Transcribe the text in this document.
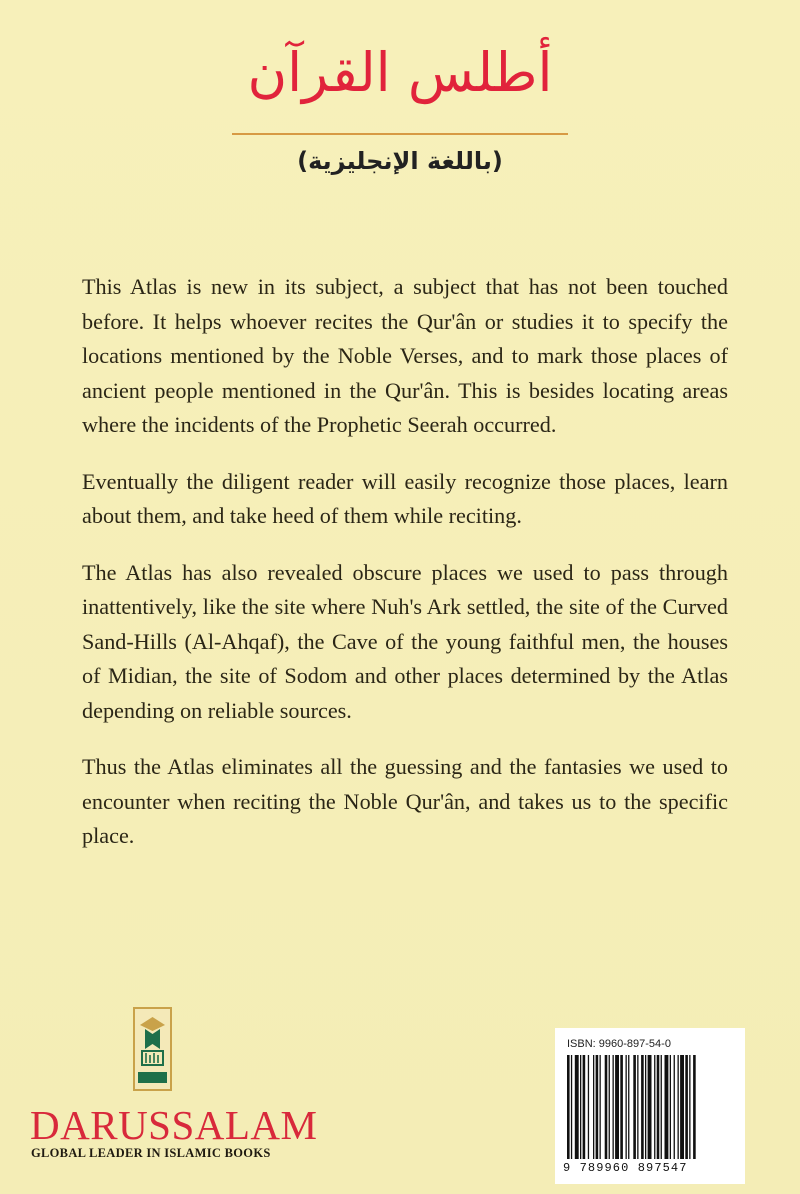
أطلس القرآن
(باللغة الإنجليزية)

This Atlas is new in its subject, a subject that has not been touched before. It helps whoever recites the Qur'ân or studies it to specify the locations mentioned by the Noble Verses, and to mark those places of ancient people mentioned in the Qur'ân. This is besides locating areas where the incidents of the Prophetic Seerah occurred.

Eventually the diligent reader will easily recognize those places, learn about them, and take heed of them while reciting.

The Atlas has also revealed obscure places we used to pass through inattentively, like the site where Nuh's Ark settled, the site of the Curved Sand-Hills (Al-Ahqaf), the Cave of the young faithful men, the houses of Midian, the site of Sodom and other places determined by the Atlas depending on reliable sources.

Thus the Atlas eliminates all the guessing and the fantasies we used to encounter when reciting the Noble Qur'ân, and takes us to the specific place.

DARUSSALAM
GLOBAL LEADER IN ISLAMIC BOOKS
ISBN: 9960-897-54-0
9 789960 897547
